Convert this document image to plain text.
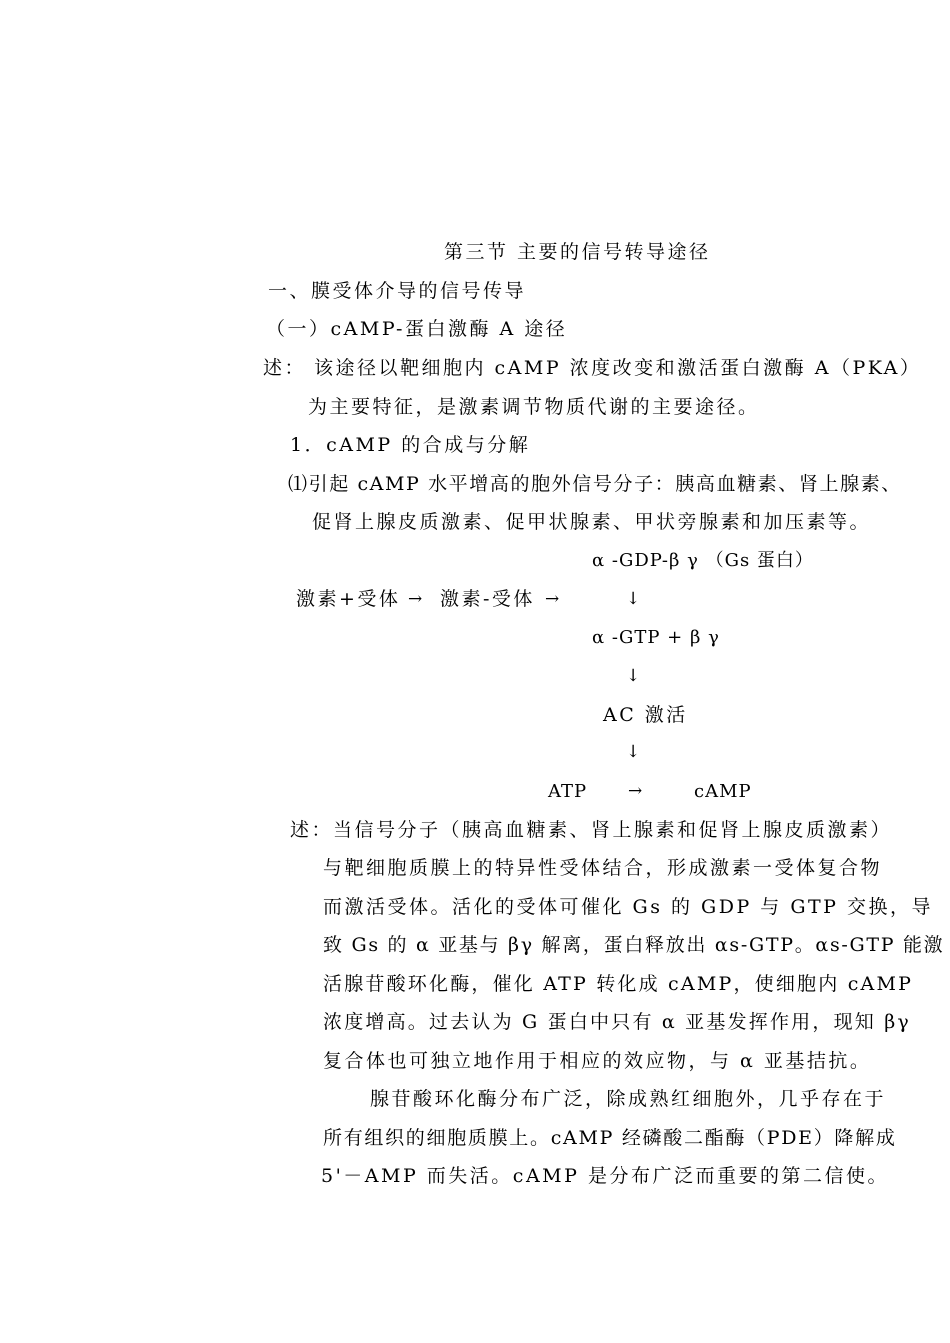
第三节 主要的信号转导途径
一、膜受体介导的信号传导
（一）cAMP-蛋白激酶 A 途径
述： 该途径以靶细胞内 cAMP 浓度改变和激活蛋白激酶 A（PKA）
为主要特征，是激素调节物质代谢的主要途径。
1．cAMP 的合成与分解
⑴引起 cAMP 水平增高的胞外信号分子：胰高血糖素、肾上腺素、
促肾上腺皮质激素、促甲状腺素、甲状旁腺素和加压素等。
α -GDP-β γ （Gs 蛋白）
激素+受体 → 激素-受体 →	↓
α -GTP + β γ
↓
AC 激活
↓
ATP →	cAMP
述： 当信号分子（胰高血糖素、肾上腺素和促肾上腺皮质激素）
与靶细胞质膜上的特异性受体结合，形成激素一受体复合物
而激活受体。活化的受体可催化 Gs 的 GDP 与 GTP 交换，导
致 Gs 的 α 亚基与 βγ 解离，蛋白释放出 αs-GTP。αs-GTP 能激
活腺苷酸环化酶，催化 ATP 转化成 cAMP，使细胞内 cAMP
浓度增高。过去认为 G 蛋白中只有 α 亚基发挥作用，现知 βγ
复合体也可独立地作用于相应的效应物，与 α 亚基拮抗。
腺苷酸环化酶分布广泛，除成熟红细胞外，几乎存在于
所有组织的细胞质膜上。cAMP 经磷酸二酯酶（PDE）降解成
5'－AMP 而失活。cAMP 是分布广泛而重要的第二信使。
